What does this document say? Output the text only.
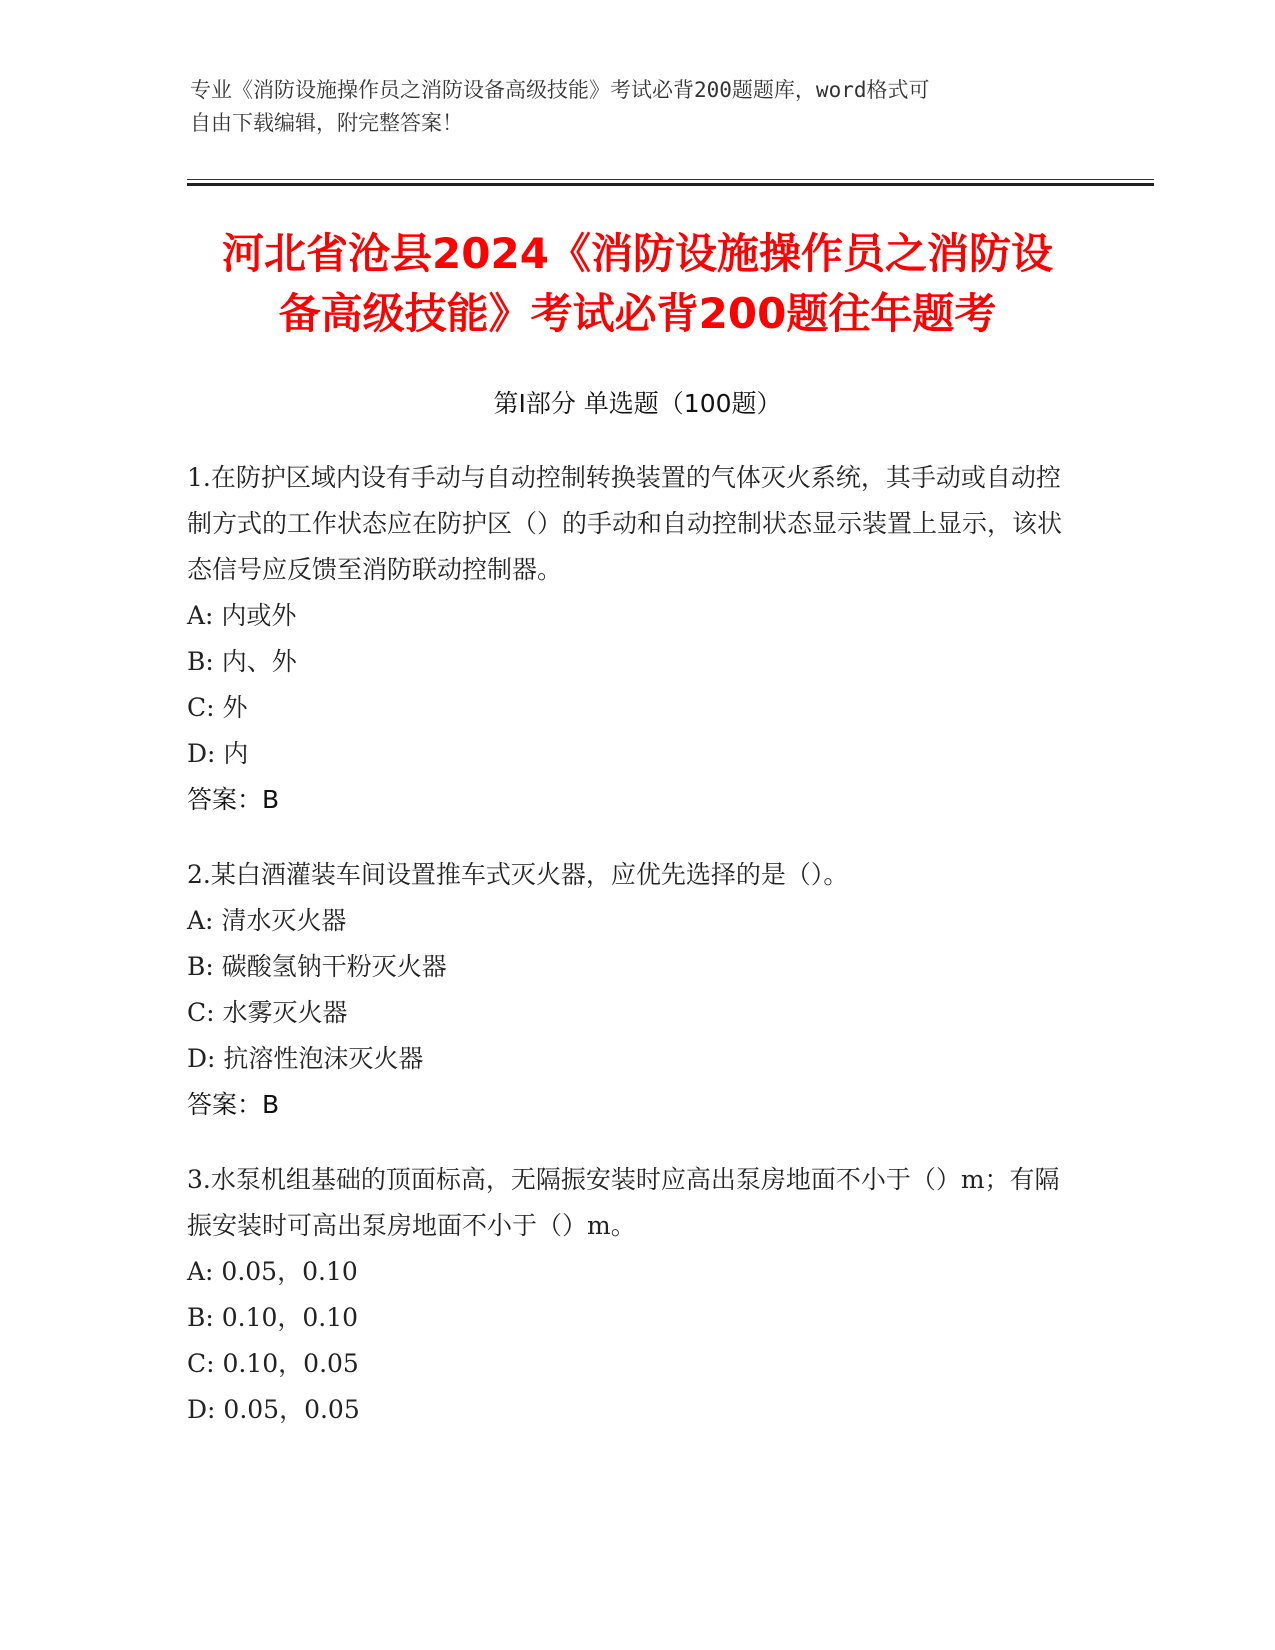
专业《消防设施操作员之消防设备高级技能》考试必背200题题库，word格式可
自由下载编辑，附完整答案！
河北省沧县2024《消防设施操作员之消防设
备高级技能》考试必背200题往年题考
第Ⅰ部分 单选题（100题）

1.在防护区域内设有手动与自动控制转换装置的气体灭火系统，其手动或自动控制方式的工作状态应在防护区（）的手动和自动控制状态显示装置上显示，该状态信号应反馈至消防联动控制器。

A: 内或外

B: 内、外

C: 外

D: 内

答案：B

2.某白酒灌装车间设置推车式灭火器，应优先选择的是（）。

A: 清水灭火器

B: 碳酸氢钠干粉灭火器

C: 水雾灭火器

D: 抗溶性泡沫灭火器

答案：B

3.水泵机组基础的顶面标高，无隔振安装时应高出泵房地面不小于（）m；有隔振安装时可高出泵房地面不小于（）m。

A: 0.05，0.10

B: 0.10，0.10

C: 0.10，0.05

D: 0.05，0.05
